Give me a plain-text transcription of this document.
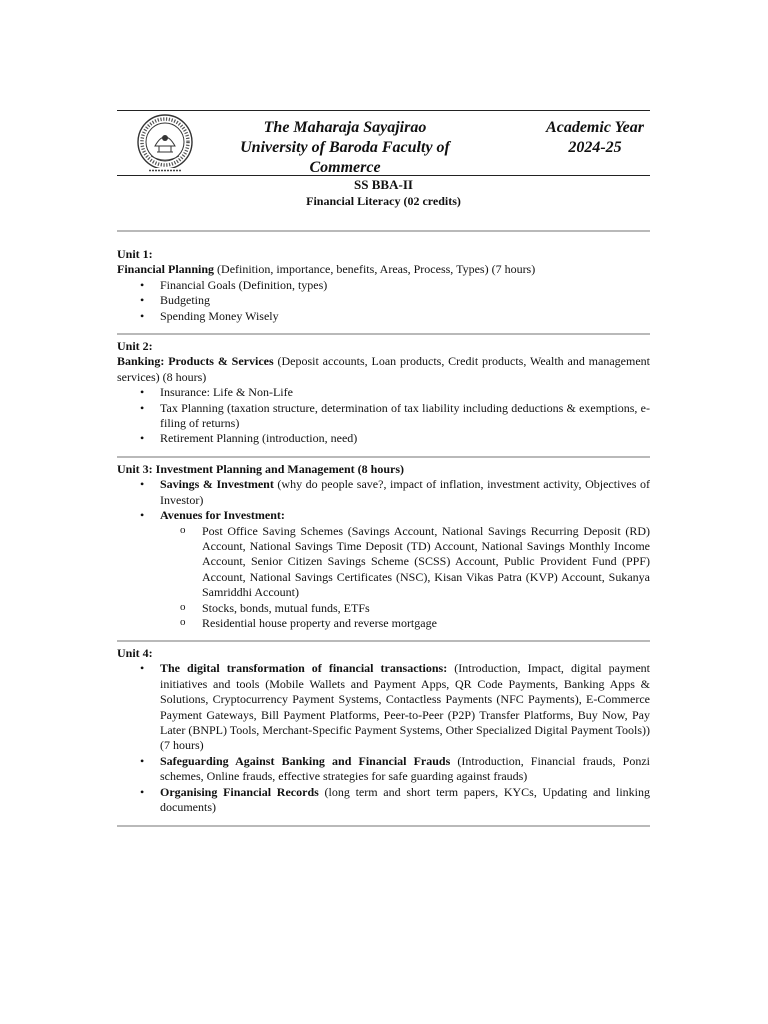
The Maharaja Sayajirao
University of Baroda Faculty of
Commerce
Academic Year
2024-25
SS BBA-II
Financial Literacy (02 credits)

Unit 1:

Financial Planning (Definition, importance, benefits, Areas, Process, Types) (7 hours)

• Financial Goals (Definition, types)
• Budgeting
• Spending Money Wisely

Unit 2:

Banking: Products & Services (Deposit accounts, Loan products, Credit products, Wealth and management services) (8 hours)

• Insurance: Life & Non-Life
• Tax Planning (taxation structure, determination of tax liability including deductions & exemptions, e-filing of returns)
• Retirement Planning (introduction, need)

Unit 3: Investment Planning and Management (8 hours)

• Savings & Investment (why do people save?, impact of inflation, investment activity, Objectives of Investor)
• Avenues for Investment:
o Post Office Saving Schemes (Savings Account, National Savings Recurring Deposit (RD) Account, National Savings Time Deposit (TD) Account, National Savings Monthly Income Account, Senior Citizen Savings Scheme (SCSS) Account, Public Provident Fund (PPF) Account, National Savings Certificates (NSC), Kisan Vikas Patra (KVP) Account, Sukanya Samriddhi Account)
o Stocks, bonds, mutual funds, ETFs
o Residential house property and reverse mortgage

Unit 4:

• The digital transformation of financial transactions: (Introduction, Impact, digital payment initiatives and tools (Mobile Wallets and Payment Apps, QR Code Payments, Banking Apps & Solutions, Cryptocurrency Payment Systems, Contactless Payments (NFC Payments), E-Commerce Payment Gateways, Bill Payment Platforms, Peer-to-Peer (P2P) Transfer Platforms, Buy Now, Pay Later (BNPL) Tools, Merchant-Specific Payment Systems, Other Specialized Digital Payment Tools)) (7 hours)
• Safeguarding Against Banking and Financial Frauds (Introduction, Financial frauds, Ponzi schemes, Online frauds, effective strategies for safe guarding against frauds)
• Organising Financial Records (long term and short term papers, KYCs, Updating and linking documents)
